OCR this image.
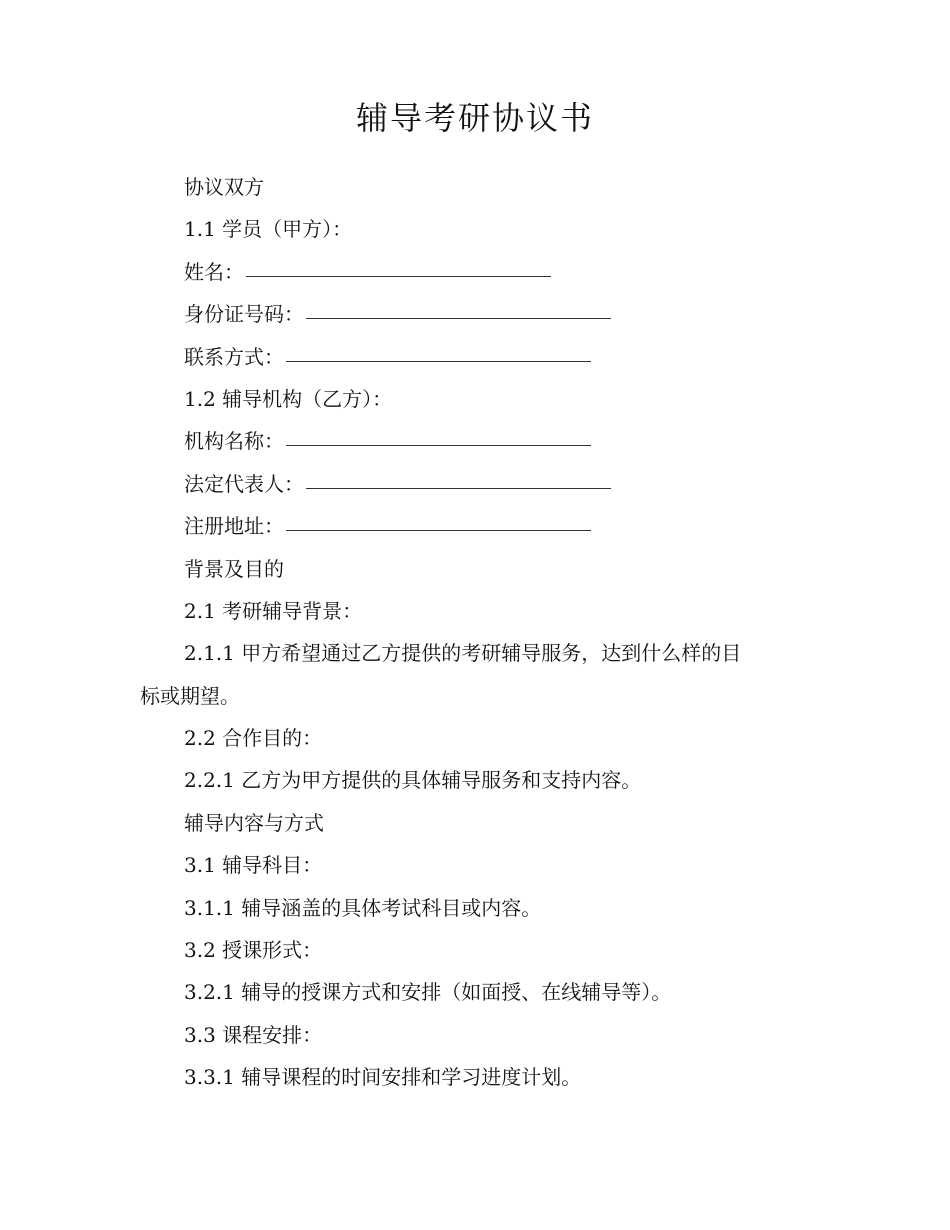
辅导考研协议书
协议双方
1.1 学员（甲方）：
姓名：
身份证号码：
联系方式：
1.2 辅导机构（乙方）：
机构名称：
法定代表人：
注册地址：
背景及目的
2.1 考研辅导背景：
2.1.1 甲方希望通过乙方提供的考研辅导服务，达到什么样的目
标或期望。
2.2 合作目的：
2.2.1 乙方为甲方提供的具体辅导服务和支持内容。
辅导内容与方式
3.1 辅导科目：
3.1.1 辅导涵盖的具体考试科目或内容。
3.2 授课形式：
3.2.1 辅导的授课方式和安排（如面授、在线辅导等）。
3.3 课程安排：
3.3.1 辅导课程的时间安排和学习进度计划。
